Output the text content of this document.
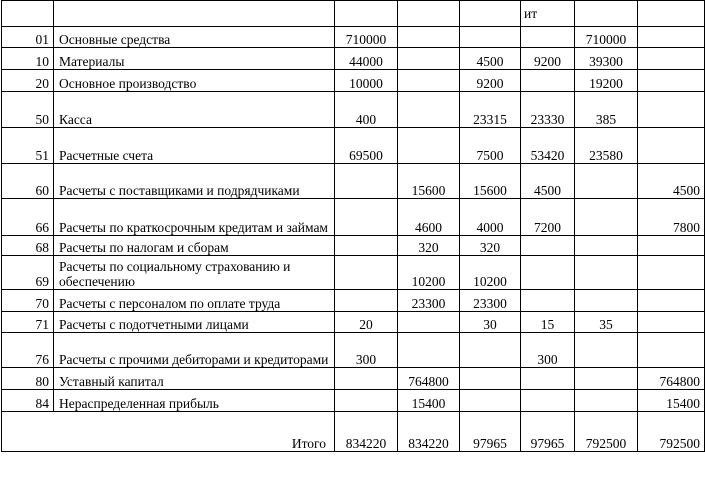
					ит		
01	Основные средства	710000				710000	
10	Материалы	44000		4500	9200	39300	
20	Основное производство	10000		9200		19200	
50	Касса	400		23315	23330	385	
51	Расчетные счета	69500		7500	53420	23580	
60	Расчеты с поставщиками и подрядчиками		15600	15600	4500		4500
66	Расчеты по краткосрочным кредитам и займам		4600	4000	7200		7800
68	Расчеты по налогам и сборам		320	320			
69	Расчеты по социальному страхованию и обеспечению		10200	10200			
70	Расчеты с персоналом по оплате труда		23300	23300			
71	Расчеты с подотчетными лицами	20		30	15	35	
76	Расчеты с прочими дебиторами и кредиторами	300			300		
80	Уставный капитал		764800				764800
84	Нераспределенная прибыль		15400				15400
Итого		834220	834220	97965	97965	792500	792500
